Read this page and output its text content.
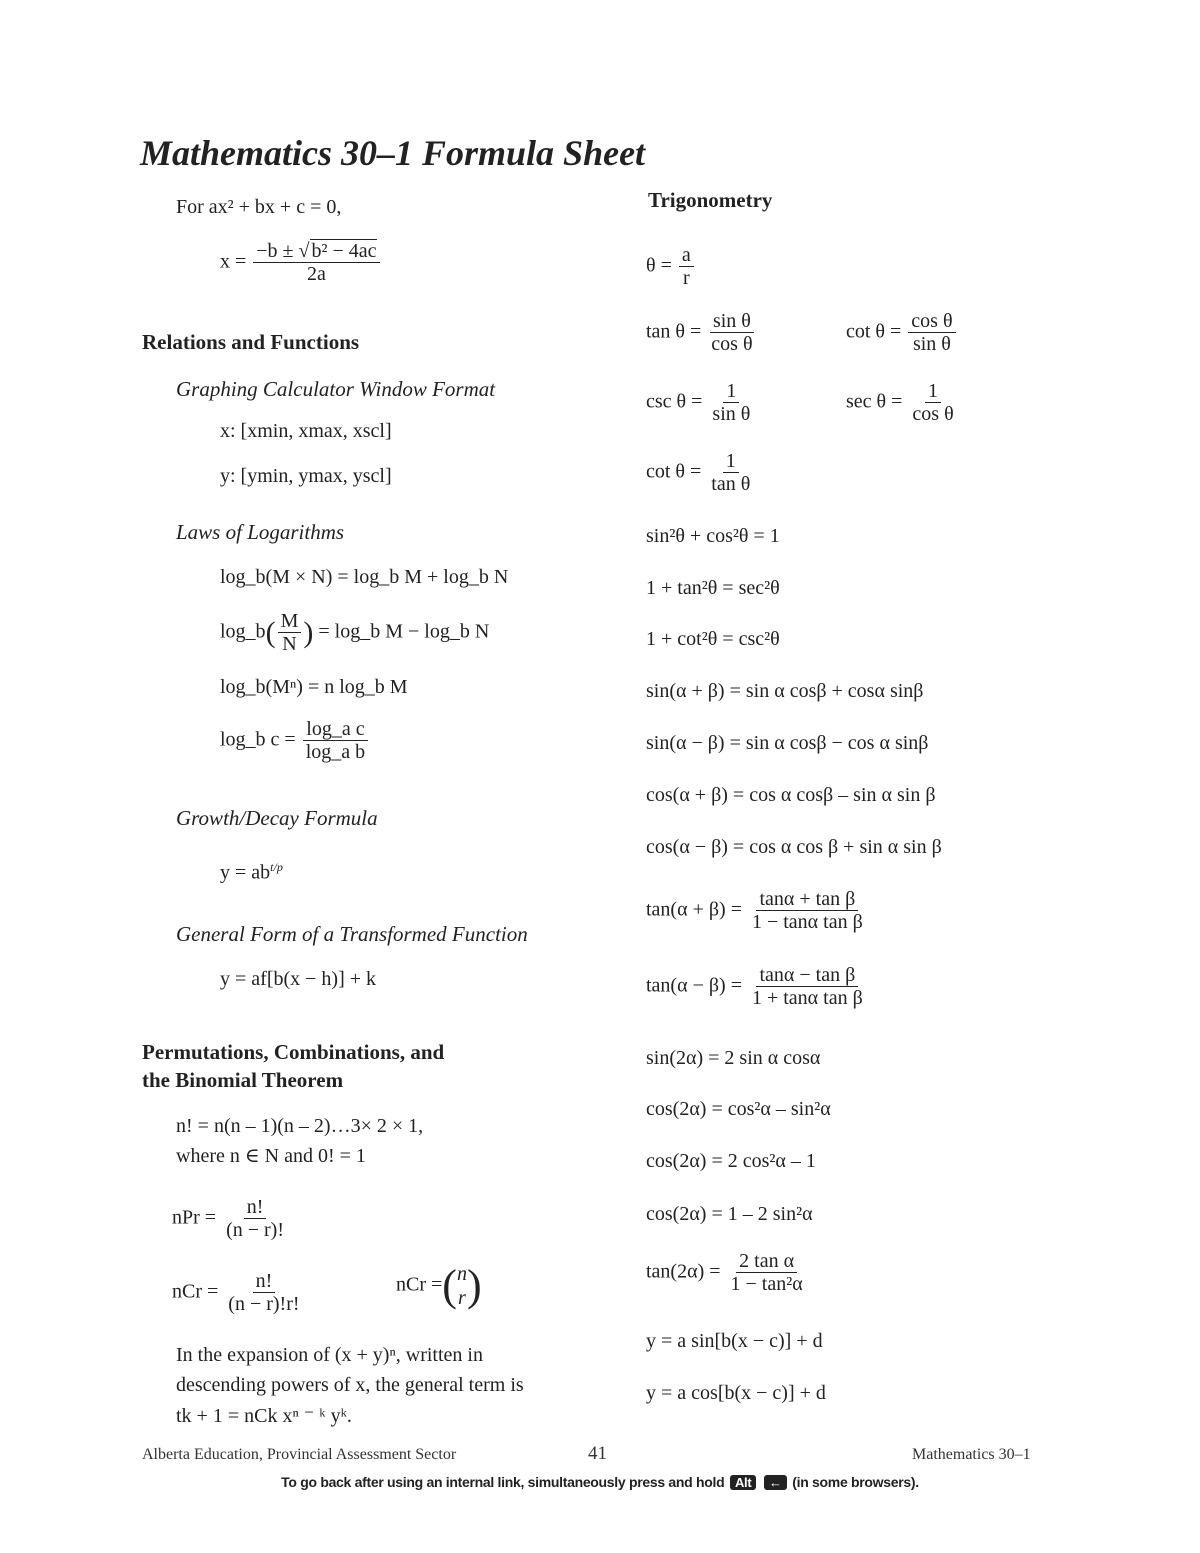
Mathematics 30–1 Formula Sheet
For ax² + bx + c = 0,
$x = \frac{\text{−b ± √ b² − 4ac}}{2a}$
Relations and Functions
Graphing Calculator Window Format
x: [xmin, xmax, xscl]
y: [ymin, ymax, yscl]
Laws of Logarithms
log_b(M × N) = log_b M + log_b N
log_b( $\frac{M}{N}$ ) = log_b M − log_b N
log_b(Mⁿ) = n log_b M
log_b $c = \frac{\text{log\_a c}}{\text{log\_a b}}$
Growth/Decay Formula
$y = ab^{t/p}$
General Form of a Transformed Function
y = af[b(x − h)] + k
Permutations, Combinations, and
the Binomial Theorem
n! = n(n – 1)(n – 2)…3× 2 × 1,
where n ∈ N and 0! = 1
nPr = $\frac{n!}{(n - r)!}$
nCr = $\frac{n!}{(n - r)!r!}$	nCr =(n
r)
In the expansion of (x + y)ⁿ, written in
descending powers of x, the general term is
tk + 1 = nCk xⁿ ⁻ ᵏ yᵏ.
Trigonometry
$\theta = \frac{a}{r}$
$\tan \theta = \frac{\text{sin θ}}{\text{cos θ}}$	$\cot \theta = \frac{\text{cos θ}}{\text{sin θ}}$
$\csc \theta = \frac{1}{\text{sin θ}}$	$\sec \theta = \frac{1}{\text{cos θ}}$
$\cot \theta = \frac{1}{\text{tan θ}}$
sin²θ + cos²θ = 1
1 + tan²θ = sec²θ
1 + cot²θ = csc²θ
sin(α + β) = sin α cosβ + cosα sinβ
sin(α − β) = sin α cosβ − cos α sinβ
cos(α + β) = cos α cosβ – sin α sin β
cos(α − β) = cos α cos β + sin α sin β
$\tan(\alpha + \beta) = \frac{\text{tanα + tan β}}{\text{1 − tanα tan β}}$
$\tan(\alpha - \beta) = \frac{\text{tanα − tan β}}{\text{1 + tanα tan β}}$
sin(2α) = 2 sin α cosα
cos(2α) = cos²α – sin²α
cos(2α) = 2 cos²α – 1
cos(2α) = 1 – 2 sin²α
$\tan(2\alpha) = \frac{\text{2 tan α}}{\text{1 − tan²α}}$
y = a sin[b(x − c)] + d
y = a cos[b(x − c)] + d
Alberta Education, Provincial Assessment Sector	41	Mathematics 30–1
To go back after using an internal link, simultaneously press and hold Alt ← (in some browsers).
